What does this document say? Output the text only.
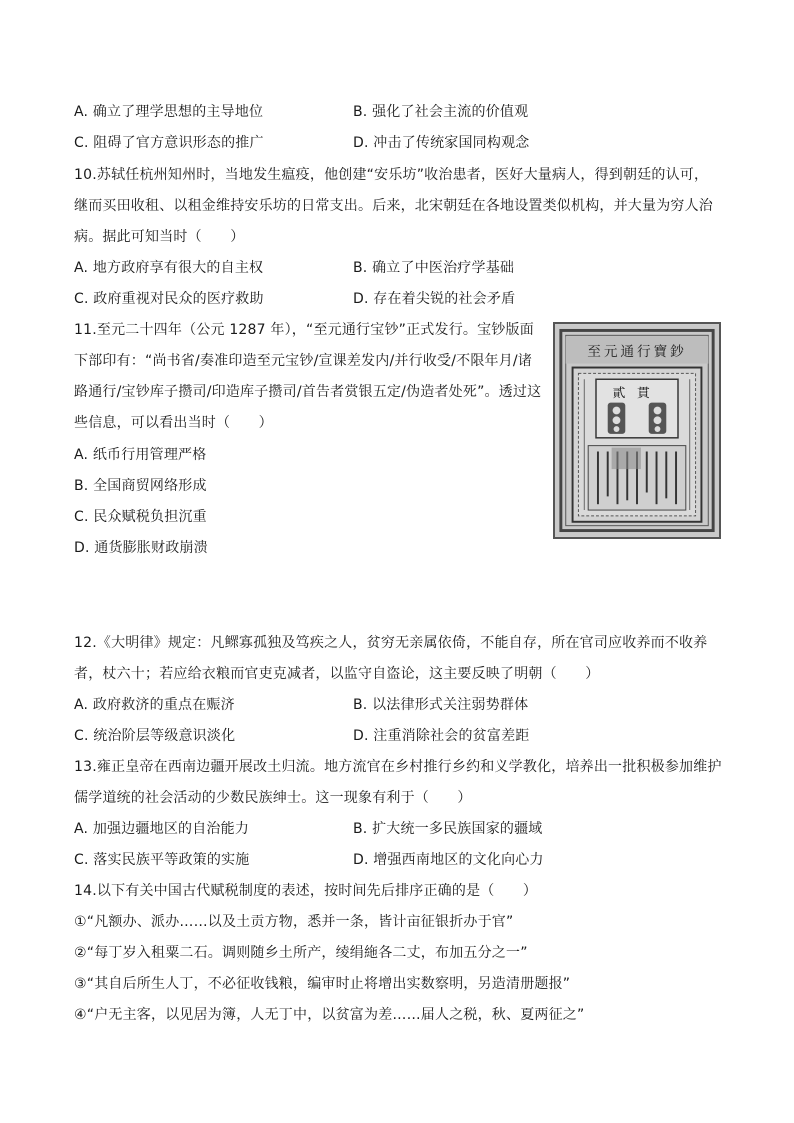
A. 确立了理学思想的主导地位	B. 强化了社会主流的价值观
C. 阻碍了官方意识形态的推广	D. 冲击了传统家国同构观念
10.苏轼任杭州知州时，当地发生瘟疫，他创建“安乐坊”收治患者，医好大量病人，得到朝廷的认可，
继而买田收租、以租金维持安乐坊的日常支出。后来，北宋朝廷在各地设置类似机构，并大量为穷人治
病。据此可知当时（　　）
A. 地方政府享有很大的自主权	B. 确立了中医治疗学基础
C. 政府重视对民众的医疗救助	D. 存在着尖锐的社会矛盾
11.至元二十四年（公元 1287 年），“至元通行宝钞”正式发行。宝钞版面
下部印有：“尚书省/奏准印造至元宝钞/宣课差发内/并行收受/不限年月/诸
路通行/宝钞库子攒司/印造库子攒司/首告者赏银五定/伪造者处死”。透过这
些信息，可以看出当时（　　）
A. 纸币行用管理严格
B. 全国商贸网络形成
C. 民众赋税负担沉重
D. 通货膨胀财政崩溃
至元通行寶鈔
貳貫
12.《大明律》规定：凡鳏寡孤独及笃疾之人，贫穷无亲属依倚，不能自存，所在官司应收养而不收养
者，杖六十；若应给衣粮而官吏克减者，以监守自盗论，这主要反映了明朝（　　）
A. 政府救济的重点在赈济	B. 以法律形式关注弱势群体
C. 统治阶层等级意识淡化	D. 注重消除社会的贫富差距
13.雍正皇帝在西南边疆开展改土归流。地方流官在乡村推行乡约和义学教化，培养出一批积极参加维护
儒学道统的社会活动的少数民族绅士。这一现象有利于（　　）
A. 加强边疆地区的自治能力	B. 扩大统一多民族国家的疆域
C. 落实民族平等政策的实施	D. 增强西南地区的文化向心力
14.以下有关中国古代赋税制度的表述，按时间先后排序正确的是（　　）
①“凡额办、派办……以及土贡方物，悉并一条，皆计亩征银折办于官”
②“每丁岁入租粟二石。调则随乡土所产，绫绢絁各二丈，布加五分之一”
③“其自后所生人丁，不必征收钱粮，编审时止将增出实数察明，另造清册题报”
④“户无主客，以见居为簿，人无丁中，以贫富为差……届人之税，秋、夏两征之”
